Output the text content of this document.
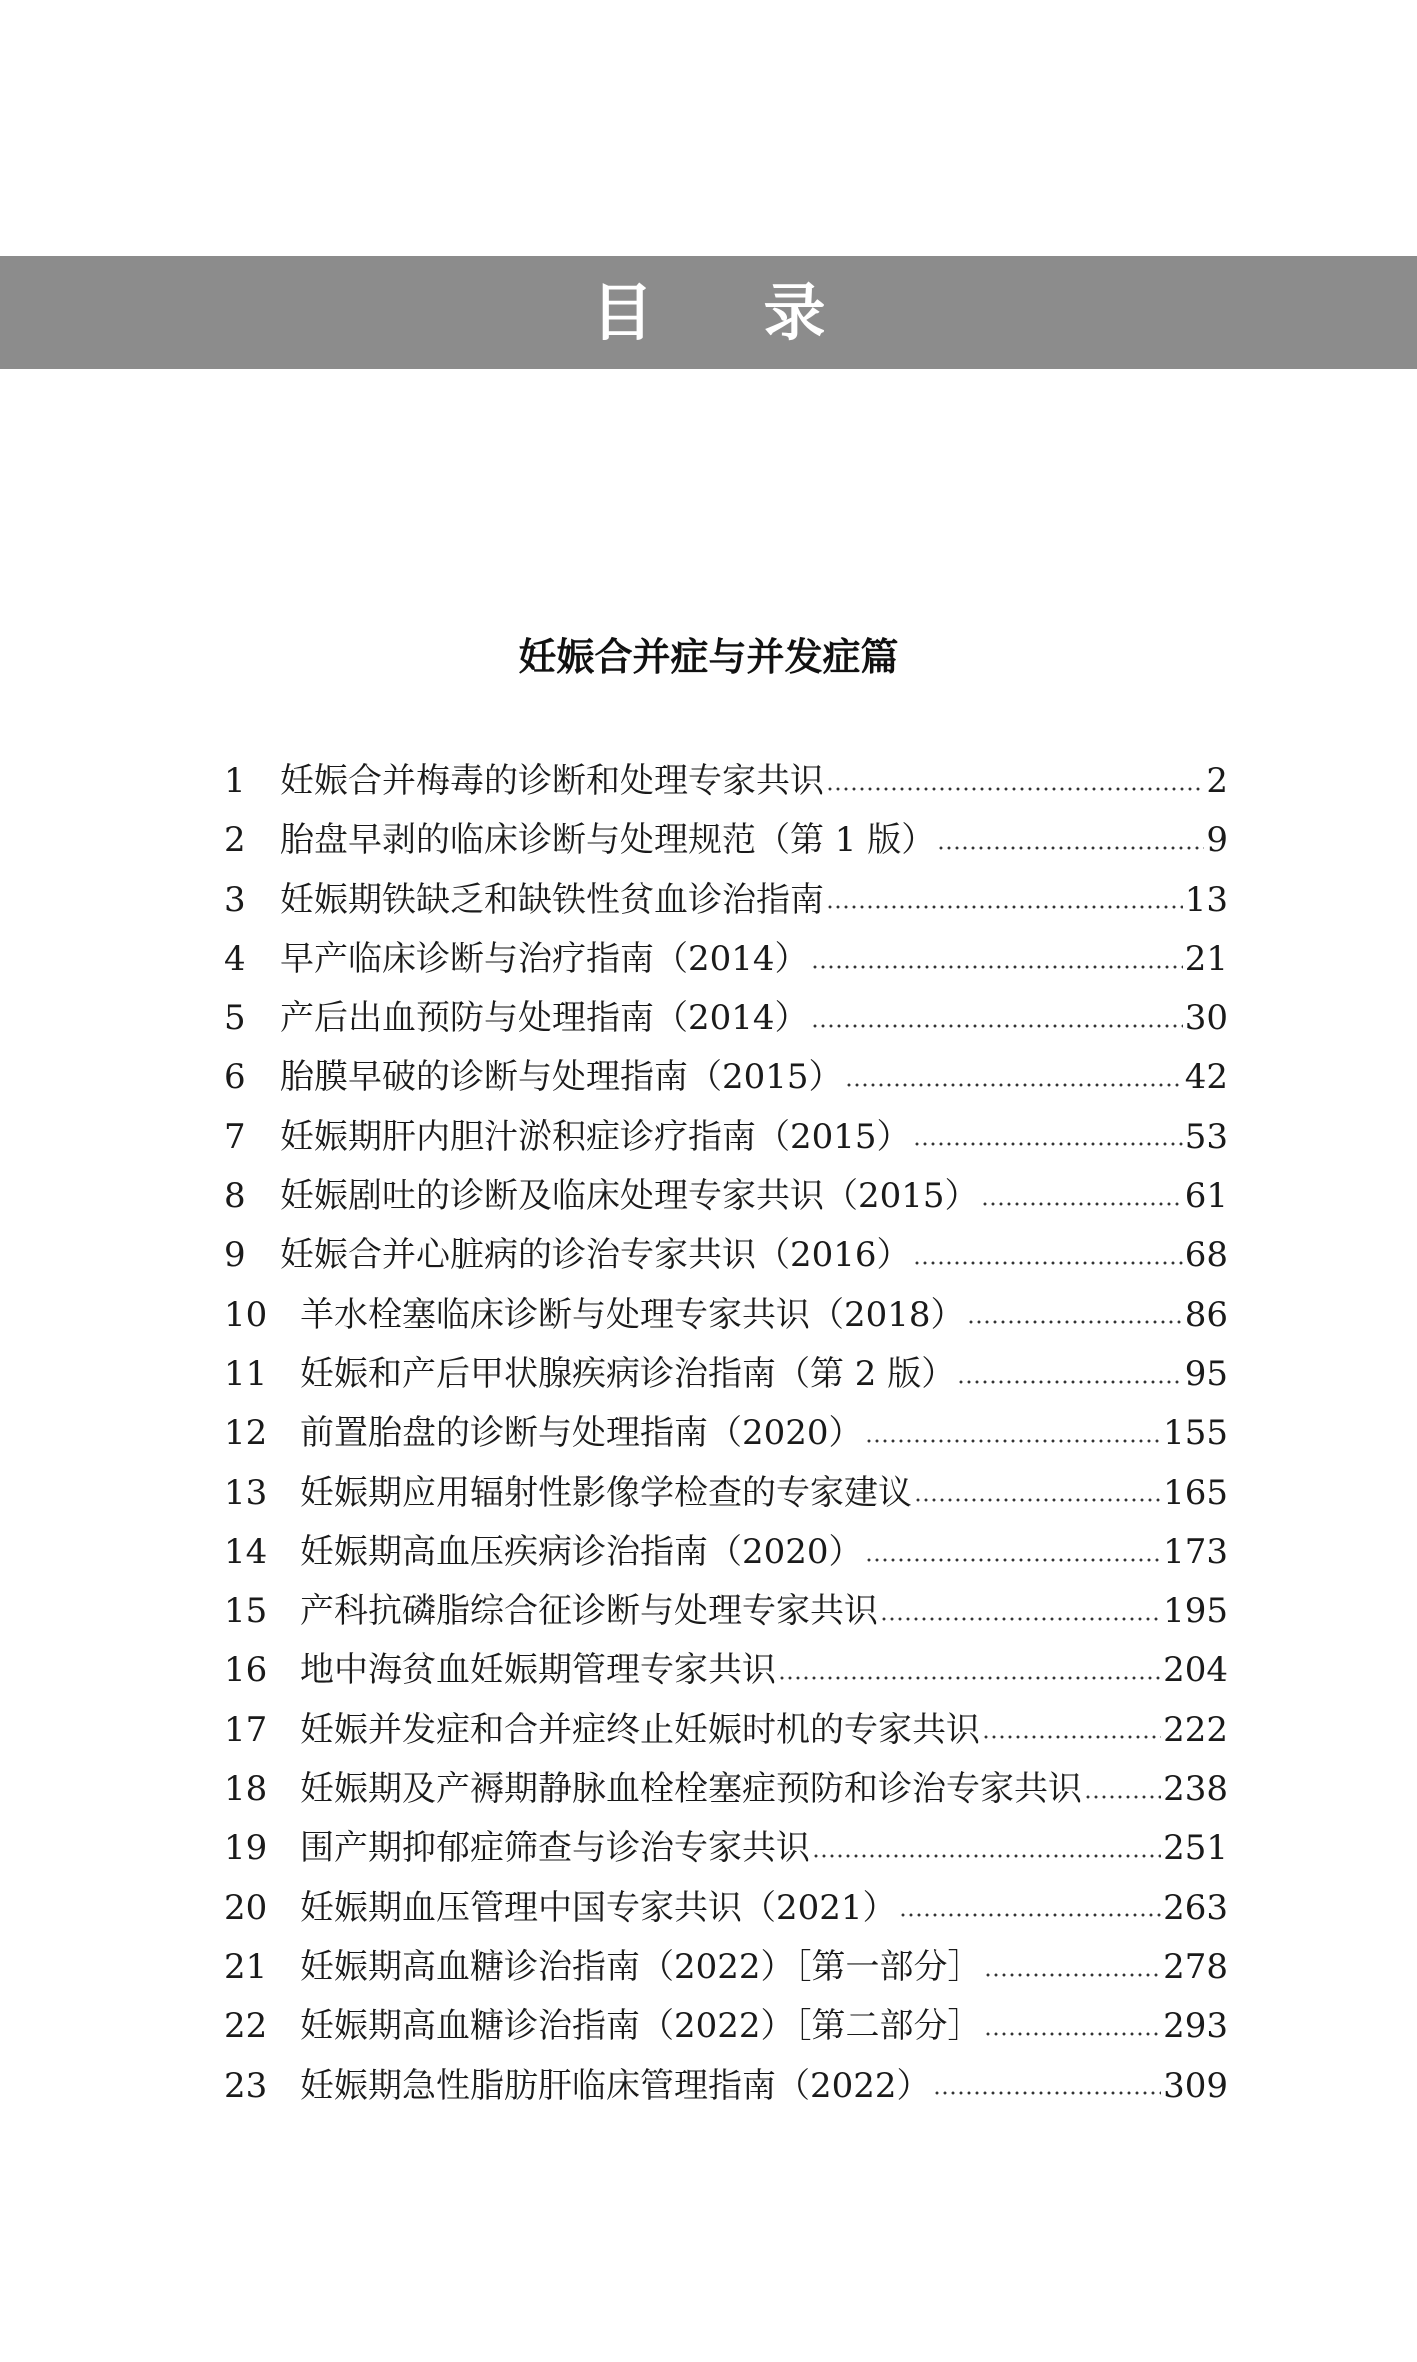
目录
妊娠合并症与并发症篇
1	妊娠合并梅毒的诊断和处理专家共识	2
2	胎盘早剥的临床诊断与处理规范（第 1 版）	9
3	妊娠期铁缺乏和缺铁性贫血诊治指南	13
4	早产临床诊断与治疗指南（2014）	21
5	产后出血预防与处理指南（2014）	30
6	胎膜早破的诊断与处理指南（2015）	42
7	妊娠期肝内胆汁淤积症诊疗指南（2015）	53
8	妊娠剧吐的诊断及临床处理专家共识（2015）	61
9	妊娠合并心脏病的诊治专家共识（2016）	68
10 羊水栓塞临床诊断与处理专家共识（2018）	86
11 妊娠和产后甲状腺疾病诊治指南（第 2 版）	95
12 前置胎盘的诊断与处理指南（2020）	155
13 妊娠期应用辐射性影像学检查的专家建议	165
14 妊娠期高血压疾病诊治指南（2020）	173
15 产科抗磷脂综合征诊断与处理专家共识	195
16 地中海贫血妊娠期管理专家共识	204
17 妊娠并发症和合并症终止妊娠时机的专家共识	222
18 妊娠期及产褥期静脉血栓栓塞症预防和诊治专家共识 238
19 围产期抑郁症筛查与诊治专家共识	251
20 妊娠期血压管理中国专家共识（2021）	263
21 妊娠期高血糖诊治指南（2022）［第一部分］	278
22 妊娠期高血糖诊治指南（2022）［第二部分］	293
23 妊娠期急性脂肪肝临床管理指南（2022）	309
